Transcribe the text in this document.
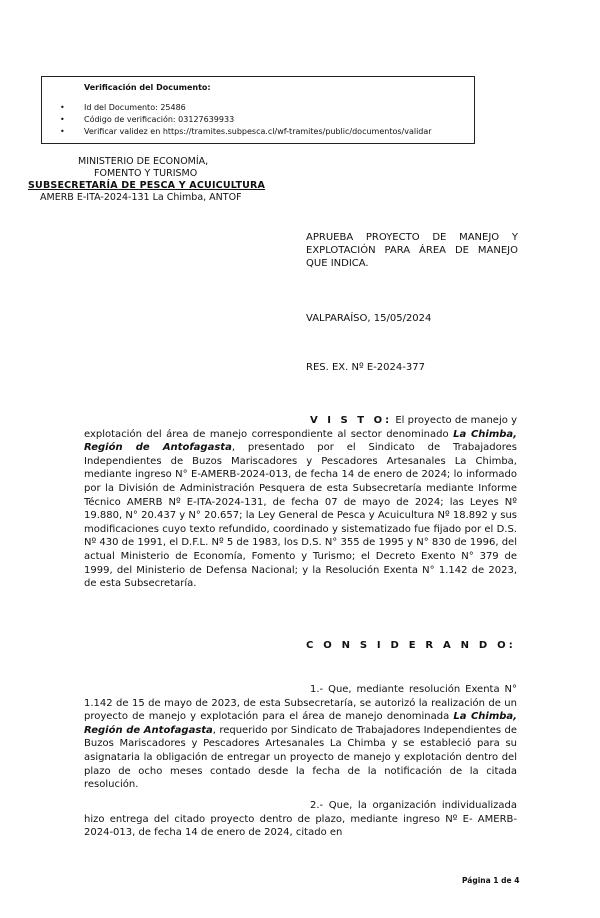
Verificación del Documento:
• Id del Documento: 25486
• Código de verificación: 03127639933
• Verificar validez en https://tramites.subpesca.cl/wf-tramites/public/documentos/validar
MINISTERIO DE ECONOMÍA,
FOMENTO Y TURISMO
SUBSECRETARÍA DE PESCA Y ACUICULTURA
AMERB E-ITA-2024-131 La Chimba, ANTOF
APRUEBA PROYECTO DE MANEJO Y EXPLOTACIÓN PARA ÁREA DE MANEJO QUE INDICA.
VALPARAÍSO, 15/05/2024
RES. EX. Nº E-2024-377
V I S T O: El proyecto de manejo y explotación del área de manejo correspondiente al sector denominado La Chimba, Región de Antofagasta, presentado por el Sindicato de Trabajadores Independientes de Buzos Mariscadores y Pescadores Artesanales La Chimba, mediante ingreso N° E-AMERB-2024-013, de fecha 14 de enero de 2024; lo informado por la División de Administración Pesquera de esta Subsecretaría mediante Informe Técnico AMERB Nº E-ITA-2024-131, de fecha 07 de mayo de 2024; las Leyes Nº 19.880, N° 20.437 y N° 20.657; la Ley General de Pesca y Acuicultura Nº 18.892 y sus modificaciones cuyo texto refundido, coordinado y sistematizado fue fijado por el D.S. Nº 430 de 1991, el D.F.L. Nº 5 de 1983, los D.S. N° 355 de 1995 y N° 830 de 1996, del actual Ministerio de Economía, Fomento y Turismo; el Decreto Exento N° 379 de 1999, del Ministerio de Defensa Nacional; y la Resolución Exenta N° 1.142 de 2023, de esta Subsecretaría.
C O N S I D E R A N D O:
1.- Que, mediante resolución Exenta N° 1.142 de 15 de mayo de 2023, de esta Subsecretaría, se autorizó la realización de un proyecto de manejo y explotación para el área de manejo denominada La Chimba, Región de Antofagasta, requerido por Sindicato de Trabajadores Independientes de Buzos Mariscadores y Pescadores Artesanales La Chimba y se estableció para su asignataria la obligación de entregar un proyecto de manejo y explotación dentro del plazo de ocho meses contado desde la fecha de la notificación de la citada resolución.
2.- Que, la organización individualizada hizo entrega del citado proyecto dentro de plazo, mediante ingreso Nº E- AMERB-2024-013, de fecha 14 de enero de 2024, citado en
Página 1 de 4
